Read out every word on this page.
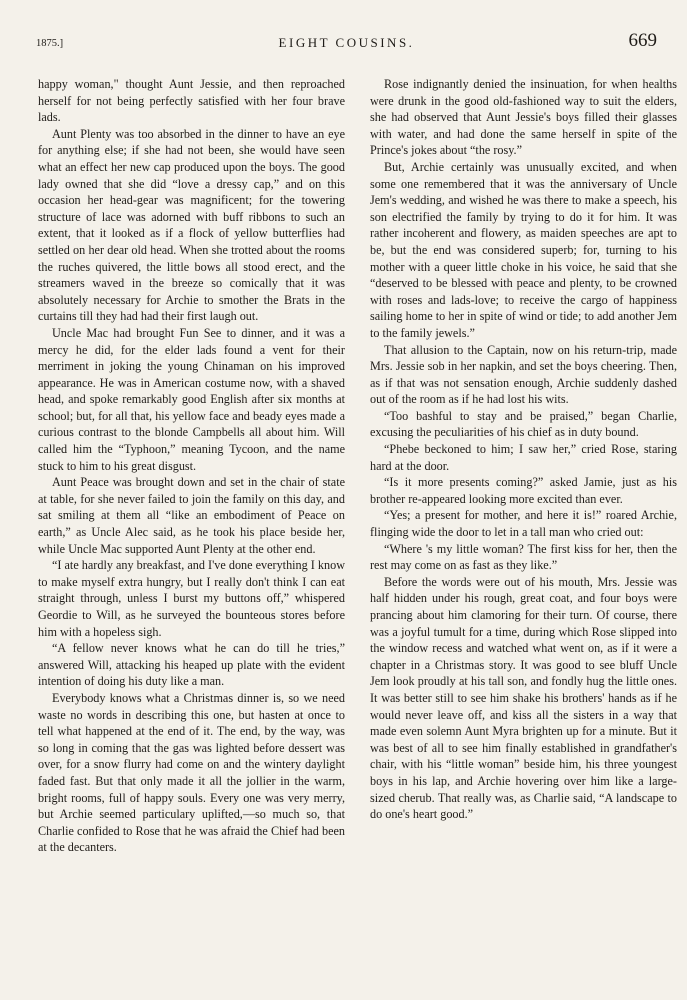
1875.]	EIGHT COUSINS.	669

happy woman," thought Aunt Jessie, and then reproached herself for not being perfectly satisfied with her four brave lads.

Aunt Plenty was too absorbed in the dinner to have an eye for anything else; if she had not been, she would have seen what an effect her new cap produced upon the boys. The good lady owned that she did “love a dressy cap,” and on this occasion her head-gear was magnificent; for the towering structure of lace was adorned with buff ribbons to such an extent, that it looked as if a flock of yellow butterflies had settled on her dear old head. When she trotted about the rooms the ruches quivered, the little bows all stood erect, and the streamers waved in the breeze so comically that it was absolutely necessary for Archie to smother the Brats in the curtains till they had had their first laugh out.

Uncle Mac had brought Fun See to dinner, and it was a mercy he did, for the elder lads found a vent for their merriment in joking the young Chinaman on his improved appearance. He was in American costume now, with a shaved head, and spoke remarkably good English after six months at school; but, for all that, his yellow face and beady eyes made a curious contrast to the blonde Campbells all about him. Will called him the “Typhoon,” meaning Tycoon, and the name stuck to him to his great disgust.

Aunt Peace was brought down and set in the chair of state at table, for she never failed to join the family on this day, and sat smiling at them all “like an embodiment of Peace on earth,” as Uncle Alec said, as he took his place beside her, while Uncle Mac supported Aunt Plenty at the other end.

“I ate hardly any breakfast, and I've done everything I know to make myself extra hungry, but I really don't think I can eat straight through, unless I burst my buttons off,” whispered Geordie to Will, as he surveyed the bounteous stores before him with a hopeless sigh.

“A fellow never knows what he can do till he tries,” answered Will, attacking his heaped up plate with the evident intention of doing his duty like a man.

Everybody knows what a Christmas dinner is, so we need waste no words in describing this one, but hasten at once to tell what happened at the end of it. The end, by the way, was so long in coming that the gas was lighted before dessert was over, for a snow flurry had come on and the wintery daylight faded fast. But that only made it all the jollier in the warm, bright rooms, full of happy souls. Every one was very merry, but Archie seemed particulary uplifted,—so much so, that Charlie confided to Rose that he was afraid the Chief had been at the decanters.

Rose indignantly denied the insinuation, for when healths were drunk in the good old-fashioned way to suit the elders, she had observed that Aunt Jessie's boys filled their glasses with water, and had done the same herself in spite of the Prince's jokes about “the rosy.”

But, Archie certainly was unusually excited, and when some one remembered that it was the anniversary of Uncle Jem's wedding, and wished he was there to make a speech, his son electrified the family by trying to do it for him. It was rather incoherent and flowery, as maiden speeches are apt to be, but the end was considered superb; for, turning to his mother with a queer little choke in his voice, he said that she “deserved to be blessed with peace and plenty, to be crowned with roses and lads-love; to receive the cargo of happiness sailing home to her in spite of wind or tide; to add another Jem to the family jewels.”

That allusion to the Captain, now on his return-trip, made Mrs. Jessie sob in her napkin, and set the boys cheering. Then, as if that was not sensation enough, Archie suddenly dashed out of the room as if he had lost his wits.

“Too bashful to stay and be praised,” began Charlie, excusing the peculiarities of his chief as in duty bound.

“Phebe beckoned to him; I saw her,” cried Rose, staring hard at the door.

“Is it more presents coming?” asked Jamie, just as his brother re-appeared looking more excited than ever.

“Yes; a present for mother, and here it is!” roared Archie, flinging wide the door to let in a tall man who cried out:

“Where 's my little woman? The first kiss for her, then the rest may come on as fast as they like.”

Before the words were out of his mouth, Mrs. Jessie was half hidden under his rough, great coat, and four boys were prancing about him clamoring for their turn. Of course, there was a joyful tumult for a time, during which Rose slipped into the window recess and watched what went on, as if it were a chapter in a Christmas story. It was good to see bluff Uncle Jem look proudly at his tall son, and fondly hug the little ones. It was better still to see him shake his brothers' hands as if he would never leave off, and kiss all the sisters in a way that made even solemn Aunt Myra brighten up for a minute. But it was best of all to see him finally established in grandfather's chair, with his “little woman” beside him, his three youngest boys in his lap, and Archie hovering over him like a large-sized cherub. That really was, as Charlie said, “A landscape to do one's heart good.”
